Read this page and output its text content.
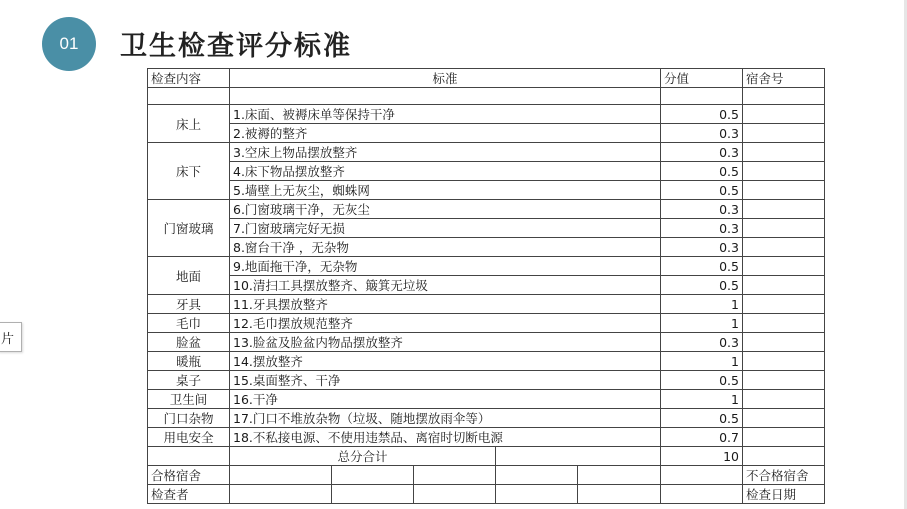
01	卫生检查评分标准
片
检查内容	标准					分值	宿舍号

床上	1.床面、被褥床单等保持干净					0.5	
	2.被褥的整齐					0.3	
床下	3.空床上物品摆放整齐					0.3	
	4.床下物品摆放整齐					0.5	
	5.墙壁上无灰尘，蜘蛛网					0.5	
门窗玻璃	6.门窗玻璃干净，无灰尘					0.3	
	7.门窗玻璃完好无损					0.3	
	8.窗台干净 ，无杂物					0.3	
地面	9.地面拖干净，无杂物					0.5	
	10.清扫工具摆放整齐、簸箕无垃圾					0.5	
牙具	11.牙具摆放整齐					1	
毛巾	12.毛巾摆放规范整齐					1	
脸盆	13.脸盆及脸盆内物品摆放整齐					0.3	
暖瓶	14.摆放整齐					1	
桌子	15.桌面整齐、干净					0.5	
卫生间	16.干净					1	
门口杂物	17.门口不堆放杂物（垃圾、随地摆放雨伞等）					0.5	
用电安全	18.不私接电源、不使用违禁品、离宿时切断电源					0.7	
	总分合计					10	
合格宿舍							不合格宿舍
检查者							检查日期
